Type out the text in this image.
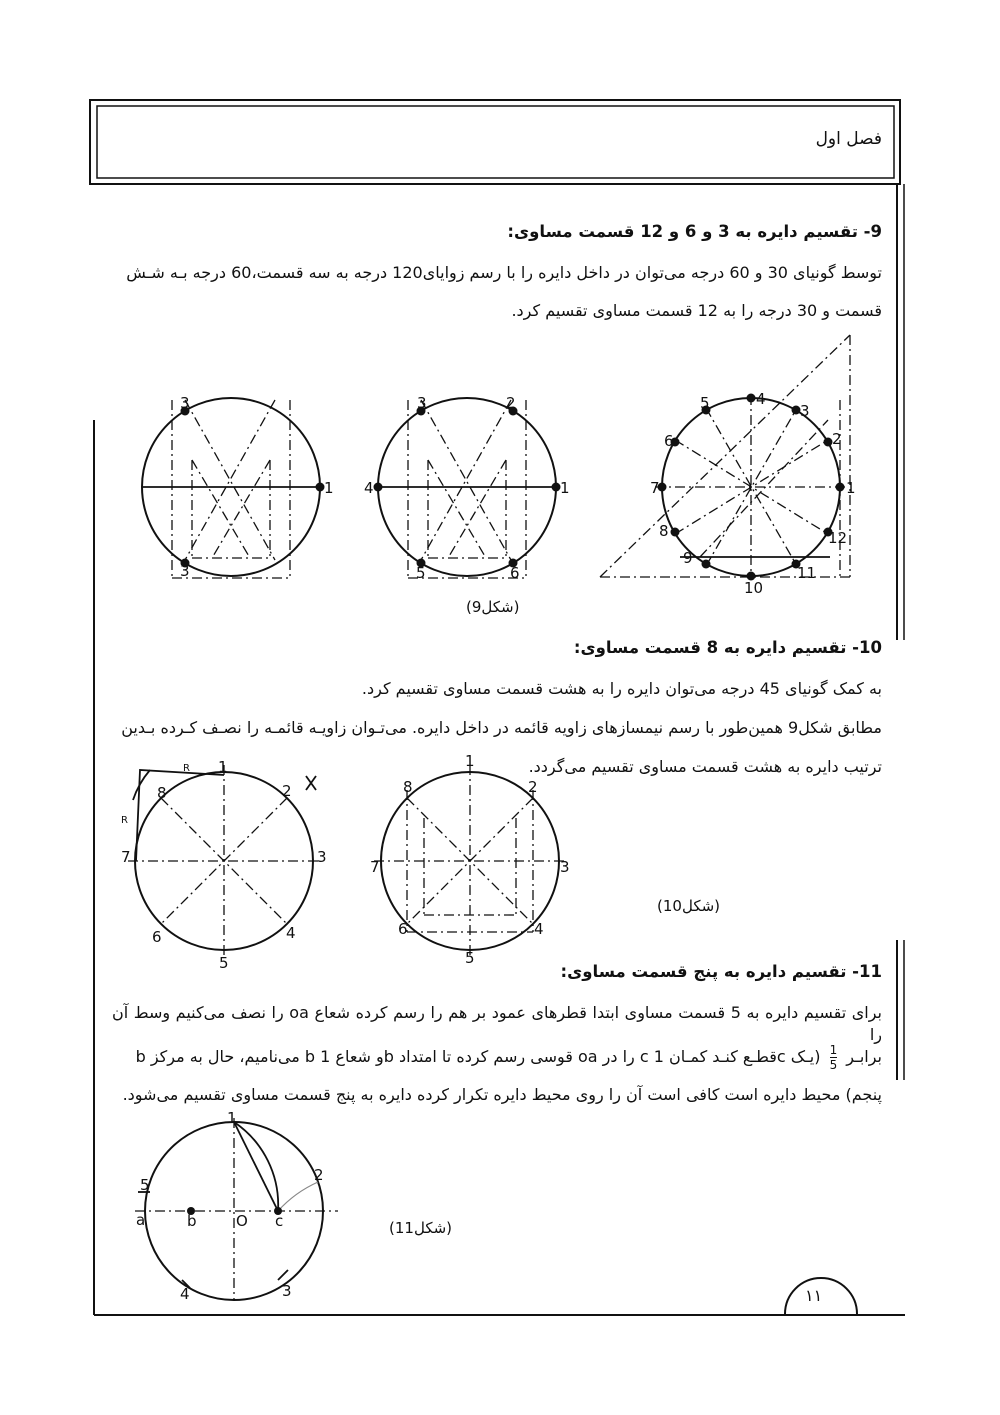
فصل اول
9- تقسیم دایره به 3 و 6 و 12 قسمت مساوی:
توسط گونیای 30 و 60 درجه می‌توان در داخل دایره را با رسم زوایای120 درجه به سه قسمت،60 درجه بـه شـش
قسمت و 30 درجه را به 12 قسمت مساوی تقسیم کرد.
3
1
3
3	2
4	1
5	6
1
2
3
4
5
6
7
8
9
10
11
12
(شکل9)
10- تقسیم دایره به 8 قسمت مساوی:
به کمک گونیای 45 درجه می‌توان دایره را به هشت قسمت مساوی تقسیم کرد.
مطابق شکل9 همین‌طور با رسم نیمسازهای زاویه قائمه در داخل دایره. می‌تـوان زاویـه قائمـه را نصـف کـرده بـدین
ترتیب دایره به هشت قسمت مساوی تقسیم می‌گردد.
1
2
3
4
5
6
7
8
R
R
1
2
3
4
5
6
7
8
(شکل10)
11- تقسیم دایره به پنج قسمت مساوی:
برای تقسیم دایره به 5 قسمت مساوی ابتدا قطرهای عمود بر هم را رسم کرده شعاع oa را نصف می‌کنیم وسط آن را
b می‌نامیم، حال به مرکز b و شعاع 1b قوسی رسم کرده تا امتداد oa را در c قطـع کنـد کمـان 1c برابـر
$\frac{1}{5}$
(یـک
پنجم) محیط دایره است کافی است آن را روی محیط دایره تکرار کرده دایره به پنج قسمت مساوی تقسیم می‌شود.
1
2
3
4
5
a	b	O c	(شکل11)
۱۱
